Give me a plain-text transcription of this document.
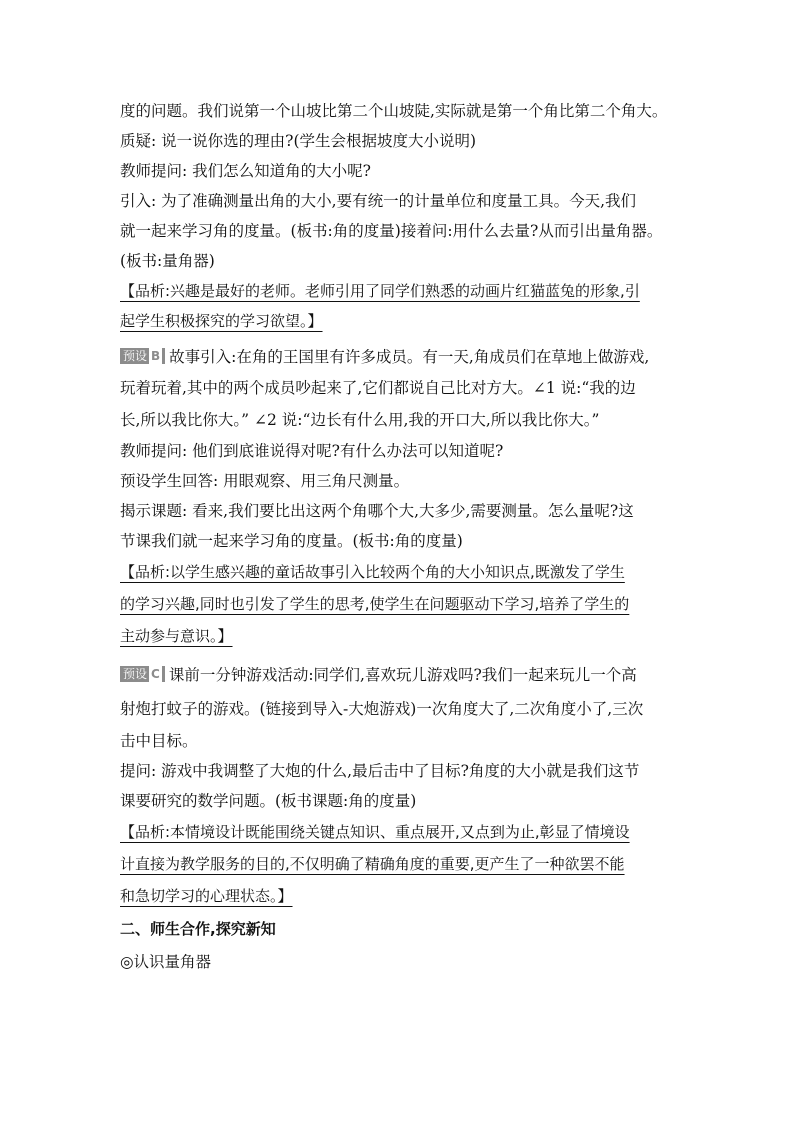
度的问题。我们说第一个山坡比第二个山坡陡,实际就是第一个角比第二个角大。
质疑: 说一说你选的理由?(学生会根据坡度大小说明)
教师提问: 我们怎么知道角的大小呢?
引入: 为了准确测量出角的大小,要有统一的计量单位和度量工具。今天,我们
就一起来学习角的度量。(板书:角的度量)接着问:用什么去量?从而引出量角器。
(板书:量角器)
【品析:兴趣是最好的老师。老师引用了同学们熟悉的动画片红猫蓝兔的形象,引
起学生积极探究的学习欲望。】
预设 B 故事引入:在角的王国里有许多成员。有一天,角成员们在草地上做游戏,
玩着玩着,其中的两个成员吵起来了,它们都说自己比对方大。∠1 说:“我的边
长,所以我比你大。” ∠2 说:“边长有什么用,我的开口大,所以我比你大。”
教师提问: 他们到底谁说得对呢?有什么办法可以知道呢?
预设学生回答: 用眼观察、用三角尺测量。
揭示课题: 看来,我们要比出这两个角哪个大,大多少,需要测量。怎么量呢?这
节课我们就一起来学习角的度量。(板书:角的度量)
【品析:以学生感兴趣的童话故事引入比较两个角的大小知识点,既激发了学生
的学习兴趣,同时也引发了学生的思考,使学生在问题驱动下学习,培养了学生的
主动参与意识。】
预设 C 课前一分钟游戏活动:同学们,喜欢玩儿游戏吗?我们一起来玩儿一个高
射炮打蚊子的游戏。(链接到导入-大炮游戏)一次角度大了,二次角度小了,三次
击中目标。
提问: 游戏中我调整了大炮的什么,最后击中了目标?角度的大小就是我们这节
课要研究的数学问题。(板书课题:角的度量)
【品析:本情境设计既能围绕关键点知识、重点展开,又点到为止,彰显了情境设
计直接为教学服务的目的,不仅明确了精确角度的重要,更产生了一种欲罢不能
和急切学习的心理状态。】
二、师生合作,探究新知
◎认识量角器
